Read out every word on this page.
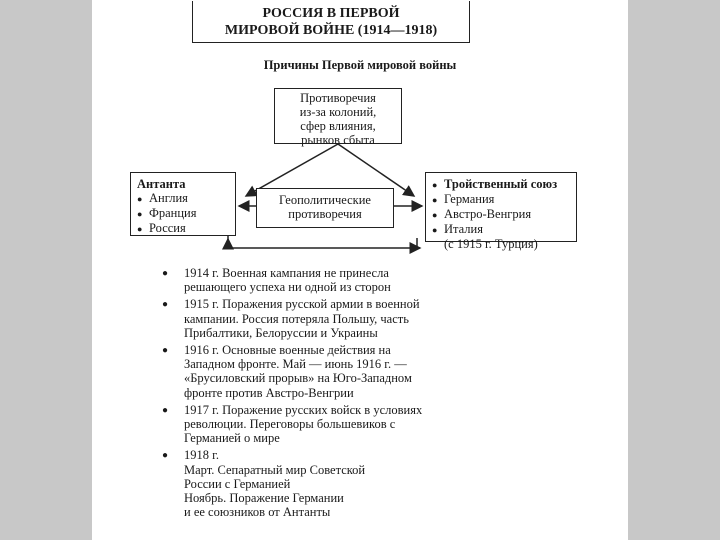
РОССИЯ В ПЕРВОЙ
МИРОВОЙ ВОЙНЕ (1914—1918)
Причины Первой мировой войны
Противоречия
из-за колоний,
сфер влияния,
рынков сбыта
Геополитические
противоречия
Антанта
● Англия
● Франция
● Россия
● Тройственный союз
● Германия
● Австро-Венгрия
● Италия
(с 1915 г. Турция)
●	1914 г. Военная кампания не принесла
решающего успеха ни одной из сторон
●	1915 г. Поражения русской армии в военной
кампании. Россия потеряла Польшу, часть
Прибалтики, Белоруссии и Украины
●	1916 г. Основные военные действия на
Западном фронте. Май — июнь 1916 г. —
«Брусиловский прорыв» на Юго-Западном
фронте против Австро-Венгрии
●	1917 г. Поражение русских войск в условиях
революции. Переговоры большевиков с
Германией о мире
●	1918 г.
Март. Сепаратный мир Советской
России с Германией
Ноябрь. Поражение Германии
и ее союзников от Антанты
